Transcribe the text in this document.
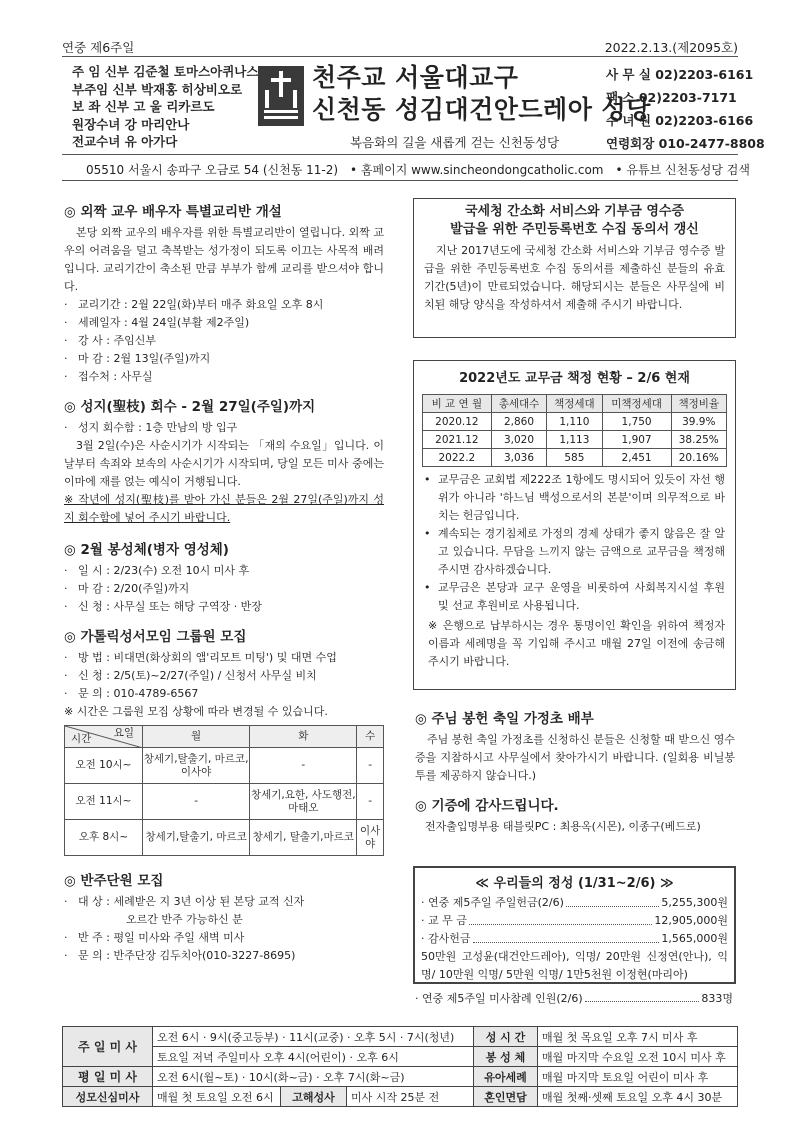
연중 제6주일	2022.2.13.(제2095호)
주 임 신부 김준철 토마스아퀴나스
부주임 신부 박재홍 히상비오로
보 좌 신부 고 울 리카르도
원장수녀 강 마리안나
전교수녀 유 아가다
천주교 서울대교구
신천동 성김대건안드레아 성당
복음화의 길을 새롭게 걷는 신천동성당
사 무 실 02)2203-6161
팩 스 02)2203-7171
수 녀 원 02)2203-6166
연령회장 010-2477-8808
05510 서울시 송파구 오금로 54 (신천동 11-2) • 홈페이지 www.sincheondongcatholic.com • 유튜브 신천동성당 검색
◎ 외짝 교우 배우자 특별교리반 개설
본당 외짝 교우의 배우자를 위한 특별교리반이 열립니다. 외짝 교우의 어려움을 덜고 축복받는 성가정이 되도록 이끄는 사목적 배려입니다. 교리기간이 축소된 만큼 부부가 함께 교리를 받으셔야 합니다.
· 교리기간 : 2월 22일(화)부터 매주 화요일 오후 8시
· 세례일자 : 4월 24일(부활 제2주일)
· 강 사 : 주임신부
· 마 감 : 2월 13일(주일)까지
· 접수처 : 사무실
◎ 성지(聖枝) 회수 - 2월 27일(주일)까지
· 성지 회수함 : 1층 만남의 방 입구
3월 2일(수)은 사순시기가 시작되는 「재의 수요일」입니다. 이날부터 속죄와 보속의 사순시기가 시작되며, 당일 모든 미사 중에는 이마에 재를 얹는 예식이 거행됩니다.
※ 작년에 성지(聖枝)를 받아 가신 분들은 2월 27일(주일)까지 성지 회수함에 넣어 주시기 바랍니다.
◎ 2월 봉성체(병자 영성체)
· 일 시 : 2/23(수) 오전 10시 미사 후
· 마 감 : 2/20(주일)까지
· 신 청 : 사무실 또는 해당 구역장 · 반장
◎ 가톨릭성서모임 그룹원 모집
· 방 법 : 비대면(화상회의 앱'리모트 미팅') 및 대면 수업
· 신 청 : 2/5(토)~2/27(주일) / 신청서 사무실 비치
· 문 의 : 010-4789-6567
※ 시간은 그룹원 모집 상황에 따라 변경될 수 있습니다.
요일
시간	월	화	수
오전 10시~	창세기,탈출기, 마르코,이사야	-	-
오전 11시~	-	창세기,요한, 사도행전,마태오	-
오후 8시~	창세기,탈출기, 마르코	창세기, 탈출기,마르코	이사야
◎ 반주단원 모집
· 대 상 : 세례받은 지 3년 이상 된 본당 교적 신자
오르간 반주 가능하신 분
· 반 주 : 평일 미사와 주일 새벽 미사
· 문 의 : 반주단장 김두치아(010-3227-8695)
국세청 간소화 서비스와 기부금 영수증
발급을 위한 주민등록번호 수집 동의서 갱신
지난 2017년도에 국세청 간소화 서비스와 기부금 영수증 발급을 위한 주민등록번호 수집 동의서를 제출하신 분들의 유효 기간(5년)이 만료되었습니다. 해당되시는 분들은 사무실에 비치된 해당 양식을 작성하셔서 제출해 주시기 바랍니다.
2022년도 교무금 책정 현황 – 2/6 현재
비 교 연 월	총세대수	책정세대	미책정세대	책정비율
2020.12	2,860	1,110	1,750	39.9%
2021.12	3,020	1,113	1,907	38.25%
2022.2	3,036	585	2,451	20.16%
• 교무금은 교회법 제222조 1항에도 명시되어 있듯이 자선 행위가 아니라 '하느님 백성으로서의 본분'이며 의무적으로 바치는 헌금입니다.
• 계속되는 경기침체로 가정의 경제 상태가 좋지 않음은 잘 알고 있습니다. 무담을 느끼지 않는 금액으로 교무금을 책정해 주시면 감사하겠습니다.
• 교무금은 본당과 교구 운영을 비롯하여 사회복지시설 후원 및 선교 후원비로 사용됩니다.
※ 은행으로 납부하시는 경우 통명이인 확인을 위하여 책정자 이름과 세례명을 꼭 기입해 주시고 매월 27일 이전에 송금해 주시기 바랍니다.
◎ 주님 봉헌 축일 가정초 배부
주님 봉헌 축일 가정초를 신청하신 분들은 신청할 때 받으신 영수증을 지참하시고 사무실에서 찾아가시기 바랍니다. (일회용 비닐봉투를 제공하지 않습니다.)
◎ 기증에 감사드립니다.
전자출입명부용 태블릿PC : 최용옥(시몬), 이종구(베드로)
≪ 우리들의 정성 (1/31~2/6) ≫
· 연중 제5주일 주일헌금(2/6)	5,255,300원
· 교 무 금	12,905,000원
· 감사헌금	1,565,000원
50만원 고성윤(대건안드레아), 익명/ 20만원 신정연(안나), 익명/ 10만원 익명/ 5만원 익명/ 1만5천원 이정현(마리아)
· 연중 제5주일 미사참례 인원(2/6)	833명
주 일 미 사	오전 6시 · 9시(중고등부) · 11시(교중) · 오후 5시 · 7시(청년)			성 시 간	매월 첫 목요일 오후 7시 미사 후
	토요일 저녁 주일미사 오후 4시(어린이) · 오후 6시			봉 성 체	매월 마지막 수요일 오전 10시 미사 후
평 일 미 사	오전 6시(월~토) · 10시(화~금) · 오후 7시(화~금)			유아세례	매월 마지막 토요일 어린이 미사 후
성모신심미사	매월 첫 토요일 오전 6시	고해성사	미사 시작 25분 전	혼인면담	매월 첫째·셋째 토요일 오후 4시 30분
